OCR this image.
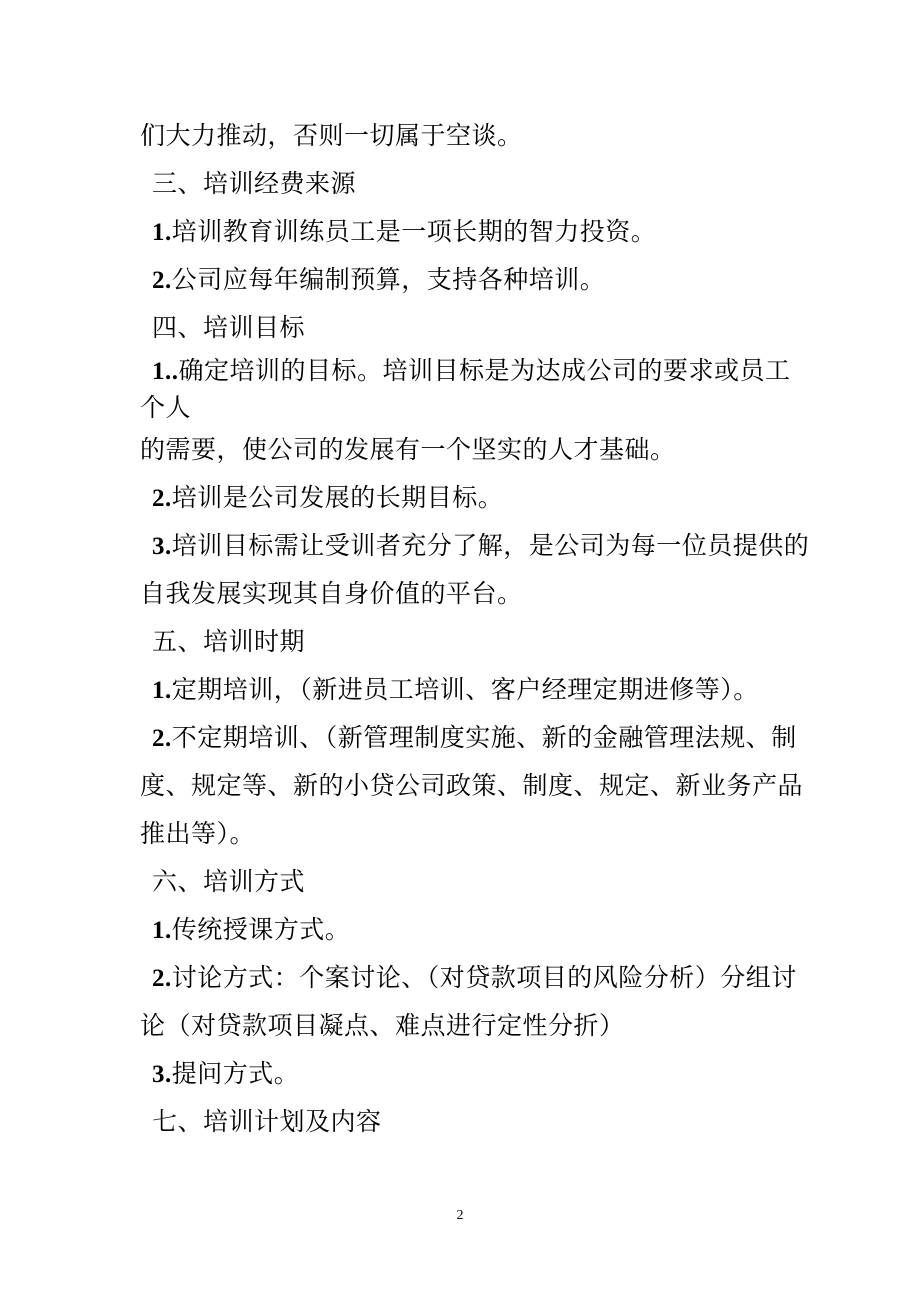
们大力推动，否则一切属于空谈。
三、培训经费来源
1.培训教育训练员工是一项长期的智力投资。
2.公司应每年编制预算，支持各种培训。
四、培训目标
1..确定培训的目标。培训目标是为达成公司的要求或员工
个人
的需要，使公司的发展有一个坚实的人才基础。
2.培训是公司发展的长期目标。
3.培训目标需让受训者充分了解，是公司为每一位员提供的
自我发展实现其自身价值的平台。
五、培训时期
1.定期培训，（新进员工培训、客户经理定期进修等）。
2.不定期培训、（新管理制度实施、新的金融管理法规、制
度、规定等、新的小贷公司政策、制度、规定、新业务产品
推出等）。
六、培训方式
1.传统授课方式。
2.讨论方式：个案讨论、（对贷款项目的风险分析）分组讨
论（对贷款项目凝点、难点进行定性分折）
3.提问方式。
七、培训计划及内容
2
